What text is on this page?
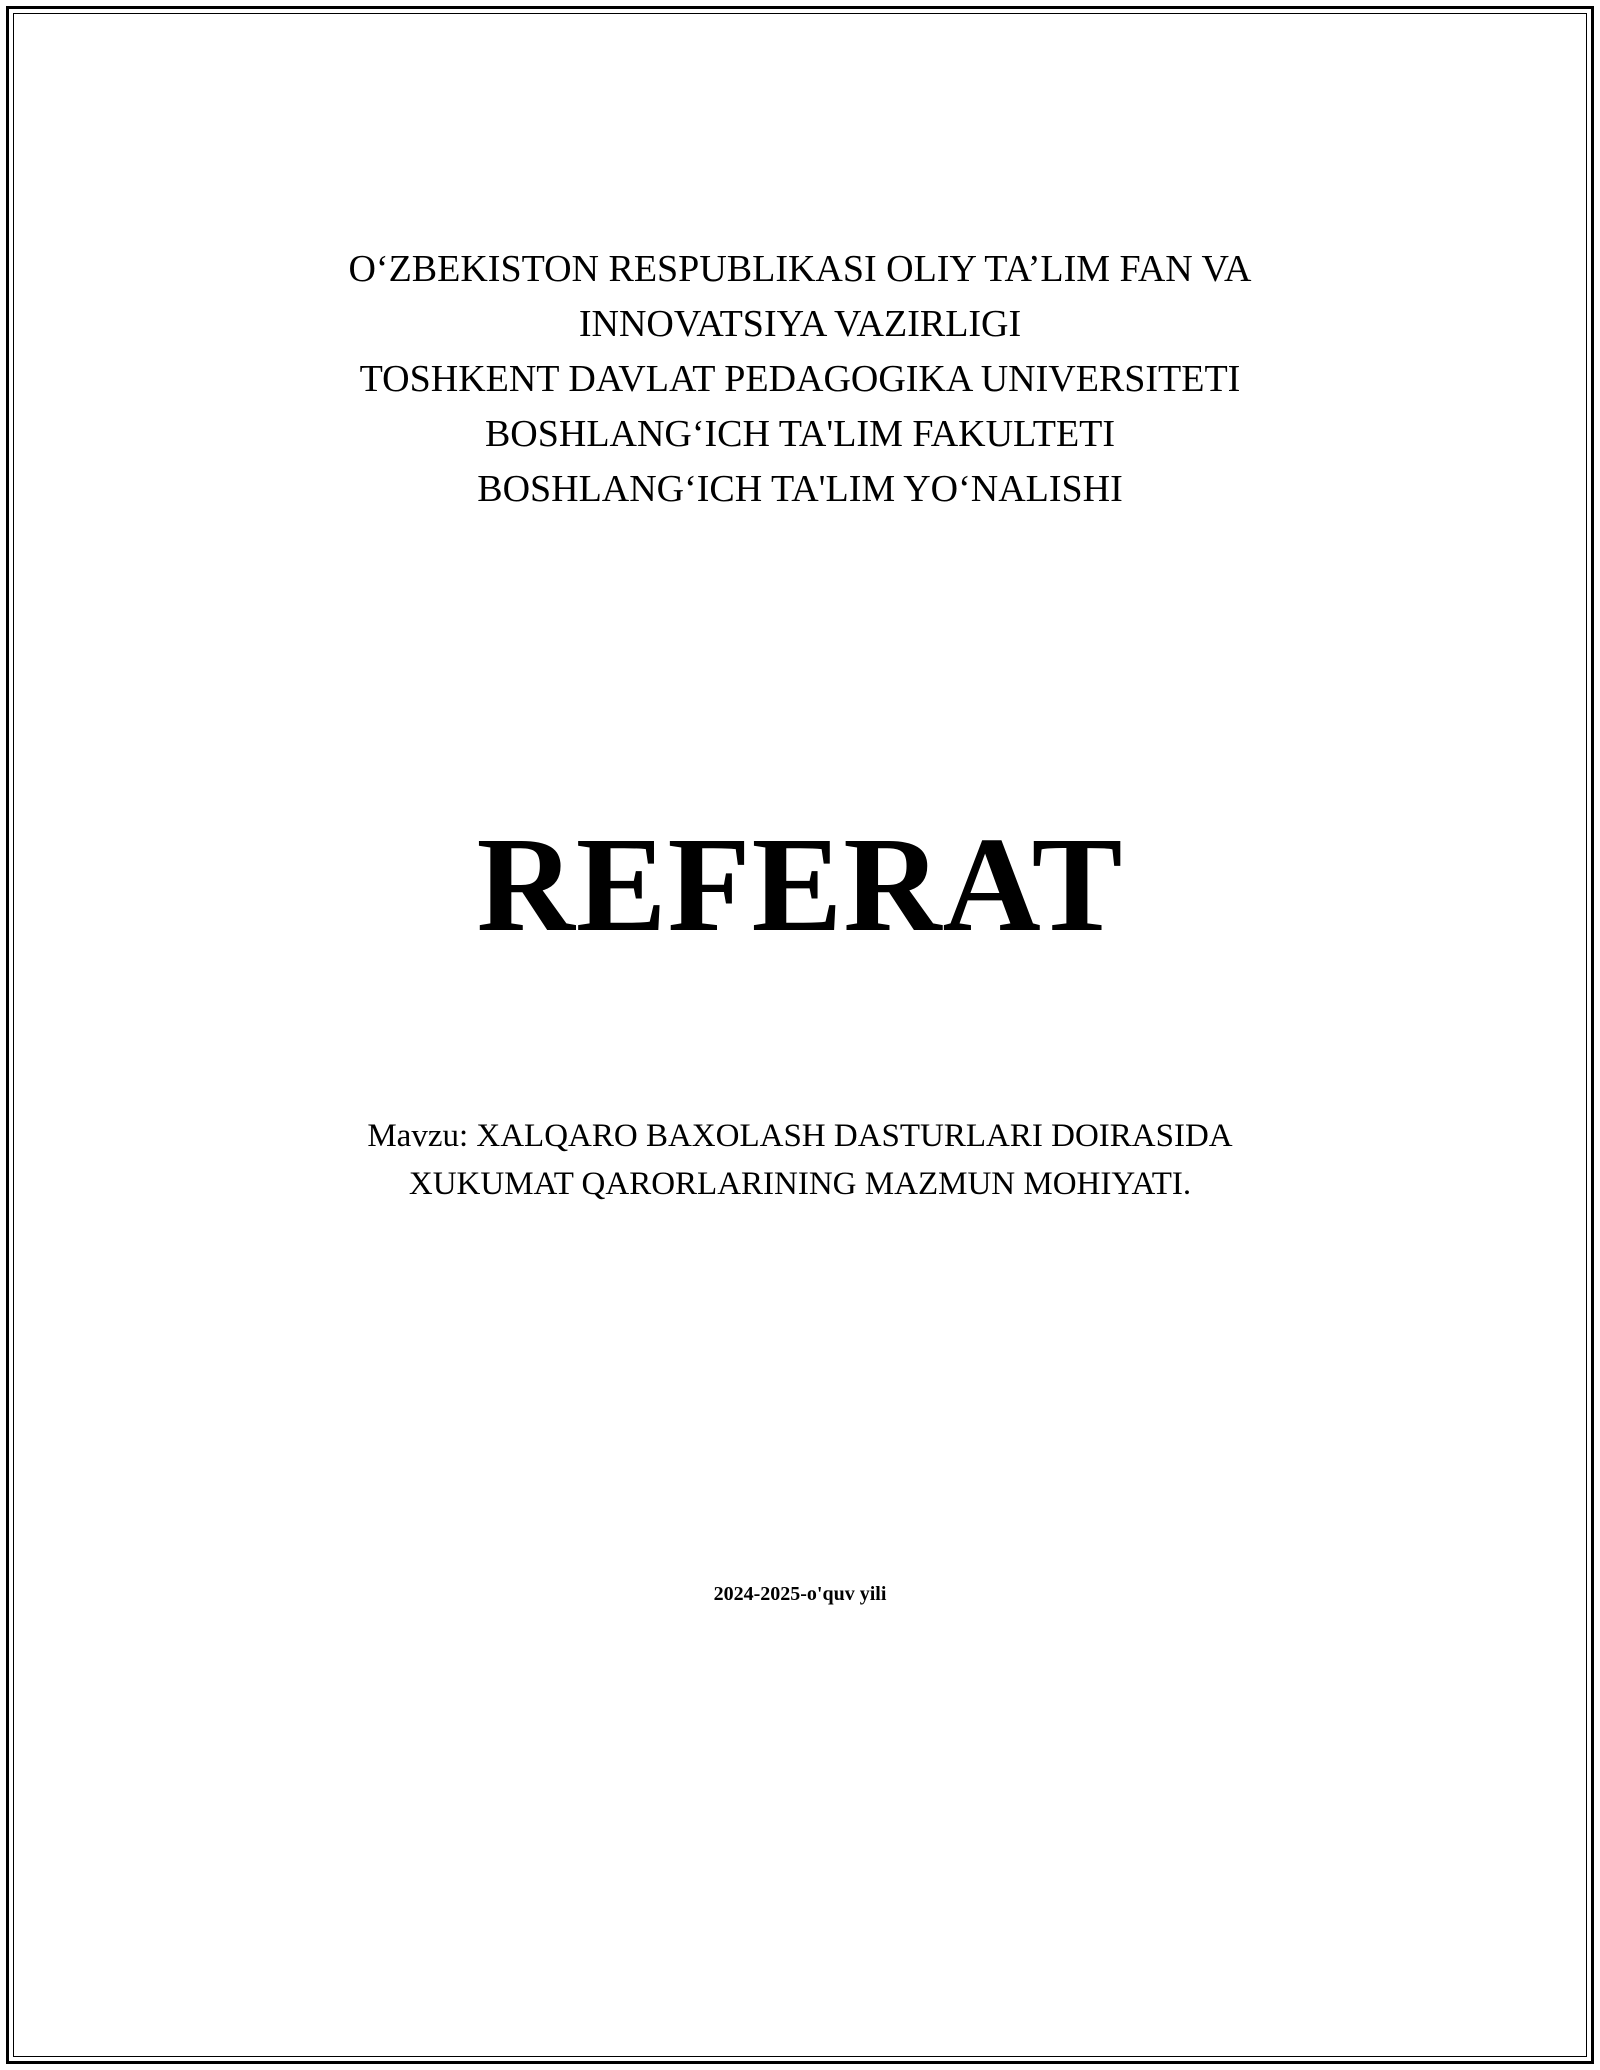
O‘ZBEKISTON RESPUBLIKASI OLIY TA’LIM FAN VA
INNOVATSIYA VAZIRLIGI
TOSHKENT DAVLAT PEDAGOGIKA UNIVERSITETI
BOSHLANG‘ICH TA'LIM FAKULTETI
BOSHLANG‘ICH TA'LIM YO‘NALISHI
REFERAT
Mavzu: XALQARO BAXOLASH DASTURLARI DOIRASIDA
XUKUMAT QARORLARINING MAZMUN MOHIYATI.
2024-2025-o'quv yili
